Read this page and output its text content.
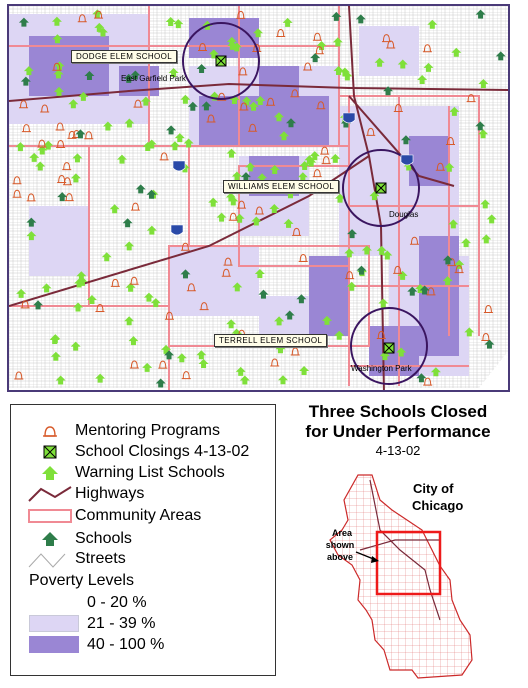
DODGE ELEM SCHOOL
WILLIAMS ELEM SCHOOL
TERRELL ELEM SCHOOL
East Garfield Park
Douglas
Washington Park
Mentoring Programs
School Closings 4-13-02
Warning List Schools
Highways
Community Areas
Schools
Streets
Poverty Levels
0 - 20 %
21 - 39 %
40 - 100 %
Three Schools Closed
for Under Performance
4-13-02
City of
Chicago
Area
shown
above
